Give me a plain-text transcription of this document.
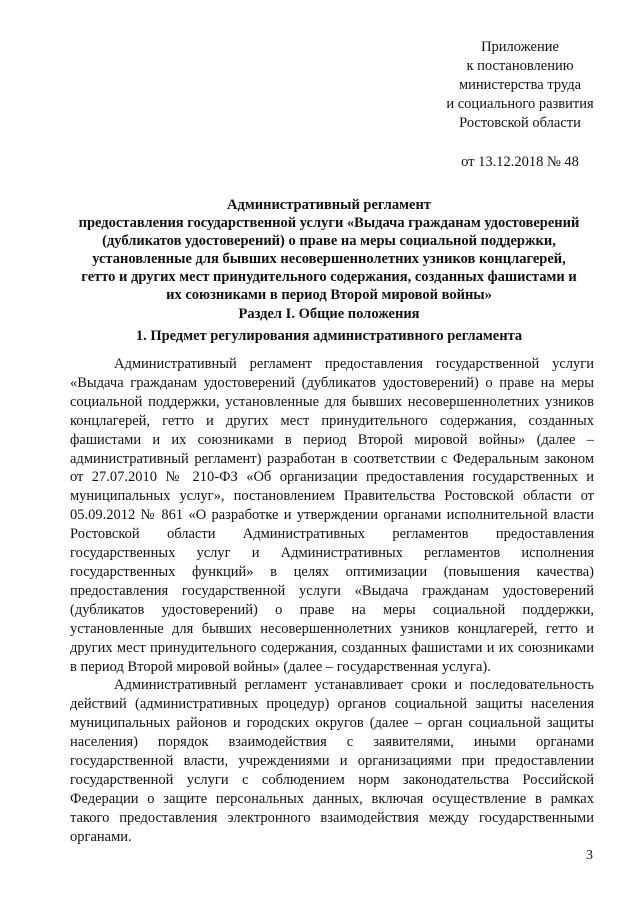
Приложение
к постановлению
министерства труда
и социального развития
Ростовской области
от 13.12.2018 № 48
Административный регламент
предоставления государственной услуги «Выдача гражданам удостоверений
(дубликатов удостоверений) о праве на меры социальной поддержки,
установленные для бывших несовершеннолетних узников концлагерей,
гетто и других мест принудительного содержания, созданных фашистами и
их союзниками в период Второй мировой войны»
Раздел I. Общие положения
1. Предмет регулирования административного регламента

Административный регламент предоставления государственной услуги «Выдача гражданам удостоверений (дубликатов удостоверений) о праве на меры социальной поддержки, установленные для бывших несовершеннолетних узников концлагерей, гетто и других мест принудительного содержания, созданных фашистами и их союзниками в период Второй мировой войны» (далее – административный регламент) разработан в соответствии с Федеральным законом от 27.07.2010 № 210-ФЗ «Об организации предоставления государственных и муниципальных услуг», постановлением Правительства Ростовской области от 05.09.2012 № 861 «О разработке и утверждении органами исполнительной власти Ростовской области Административных регламентов предоставления государственных услуг и Административных регламентов исполнения государственных функций» в целях оптимизации (повышения качества) предоставления государственной услуги «Выдача гражданам удостоверений (дубликатов удостоверений) о праве на меры социальной поддержки, установленные для бывших несовершеннолетних узников концлагерей, гетто и других мест принудительного содержания, созданных фашистами и их союзниками в период Второй мировой войны» (далее – государственная услуга).

Административный регламент устанавливает сроки и последовательность действий (административных процедур) органов социальной защиты населения муниципальных районов и городских округов (далее – орган социальной защиты населения) порядок взаимодействия с заявителями, иными органами государственной власти, учреждениями и организациями при предоставлении государственной услуги с соблюдением норм законодательства Российской Федерации о защите персональных данных, включая осуществление в рамках такого предоставления электронного взаимодействия между государственными органами.

3
